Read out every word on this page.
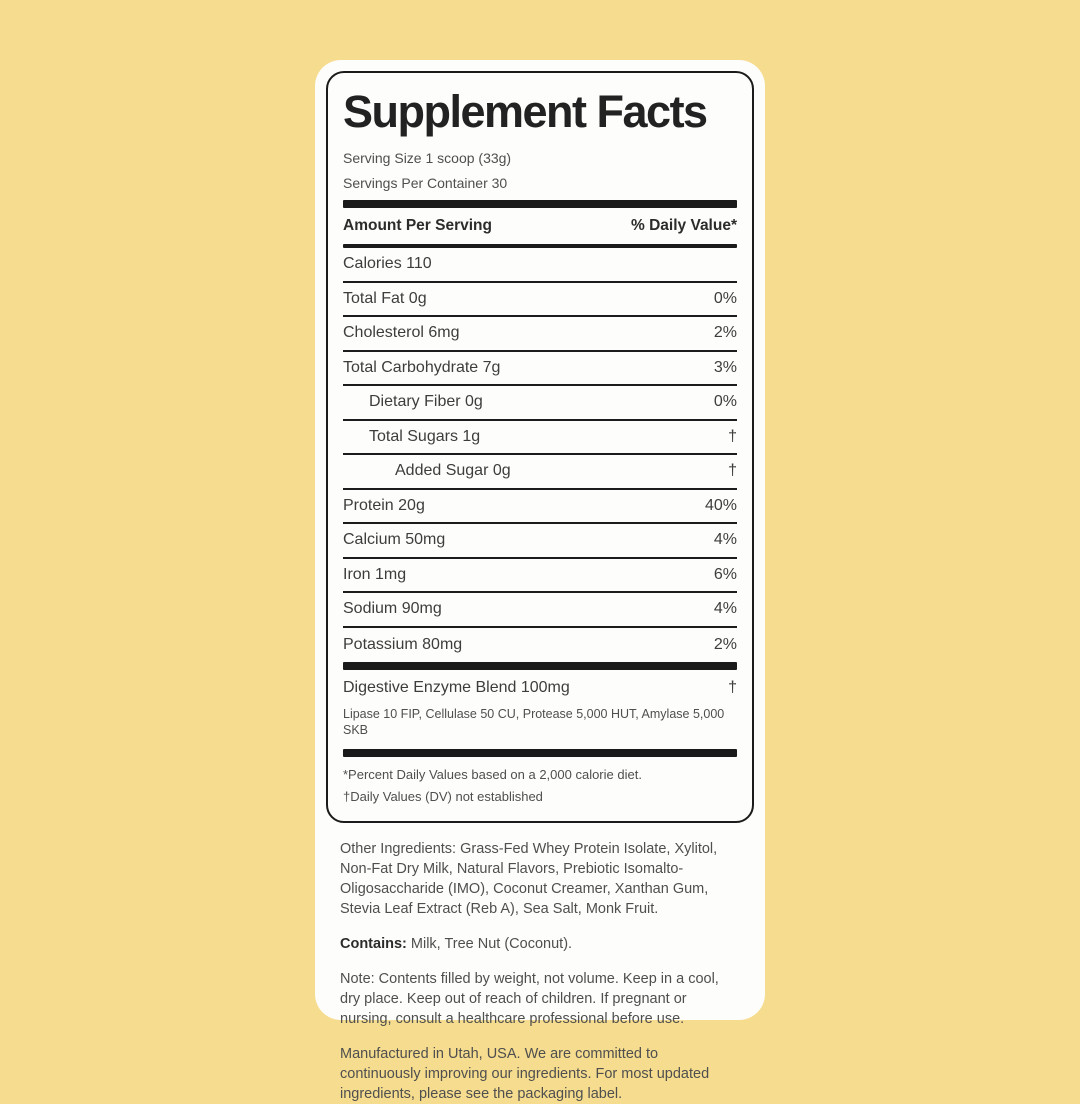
Supplement Facts

Serving Size 1 scoop (33g)

Servings Per Container 30

Amount Per Serving	% Daily Value*
Calories 110
Total Fat 0g	0%
Cholesterol 6mg	2%
Total Carbohydrate 7g	3%
Dietary Fiber 0g	0%
Total Sugars 1g	†
Added Sugar 0g	†
Protein 20g	40%
Calcium 50mg	4%
Iron 1mg	6%
Sodium 90mg	4%
Potassium 80mg	2%
Digestive Enzyme Blend 100mg	†

Lipase 10 FIP, Cellulase 50 CU, Protease 5,000 HUT, Amylase 5,000 SKB

*Percent Daily Values based on a 2,000 calorie diet.

†Daily Values (DV) not established

Other Ingredients: Grass-Fed Whey Protein Isolate, Xylitol, Non-Fat Dry Milk, Natural Flavors, Prebiotic Isomalto-Oligosaccharide (IMO), Coconut Creamer, Xanthan Gum, Stevia Leaf Extract (Reb A), Sea Salt, Monk Fruit.

Contains: Milk, Tree Nut (Coconut).

Note: Contents filled by weight, not volume. Keep in a cool, dry place. Keep out of reach of children. If pregnant or nursing, consult a healthcare professional before use.

Manufactured in Utah, USA. We are committed to continuously improving our ingredients. For most updated ingredients, please see the packaging label.
